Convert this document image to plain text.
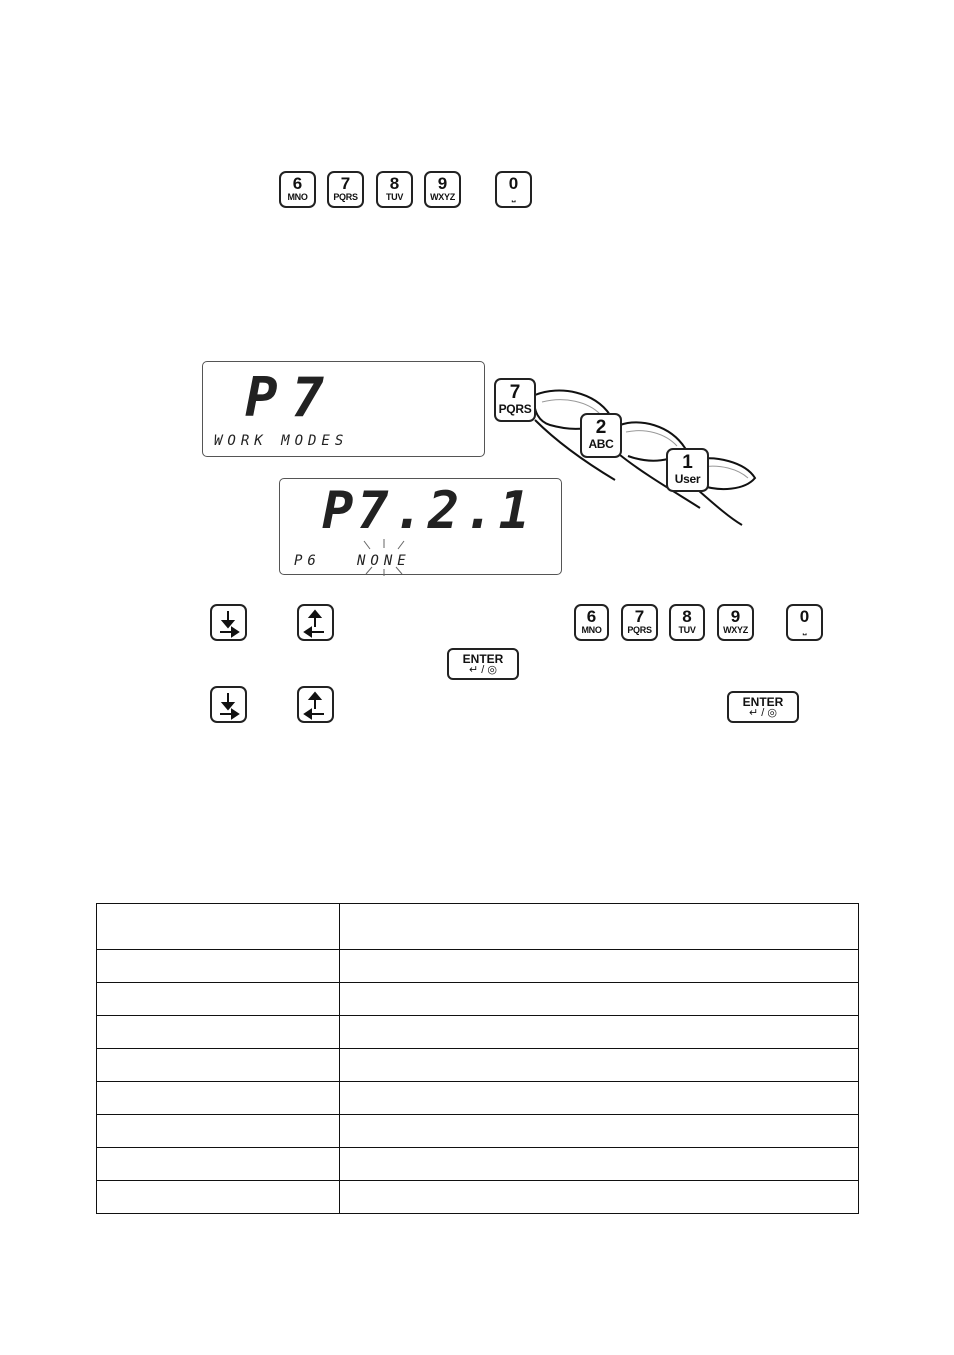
6
MNO
7
PQRS
8
TUV
9
WXYZ
0
⎵
P7
WORK MODES
P7.2.1
P6	NONE
7
PQRS
2
ABC
1
User
6
MNO
7
PQRS
8
TUV
9
WXYZ
0
⎵
ENTER
↵ / ◎
ENTER
↵ / ◎
